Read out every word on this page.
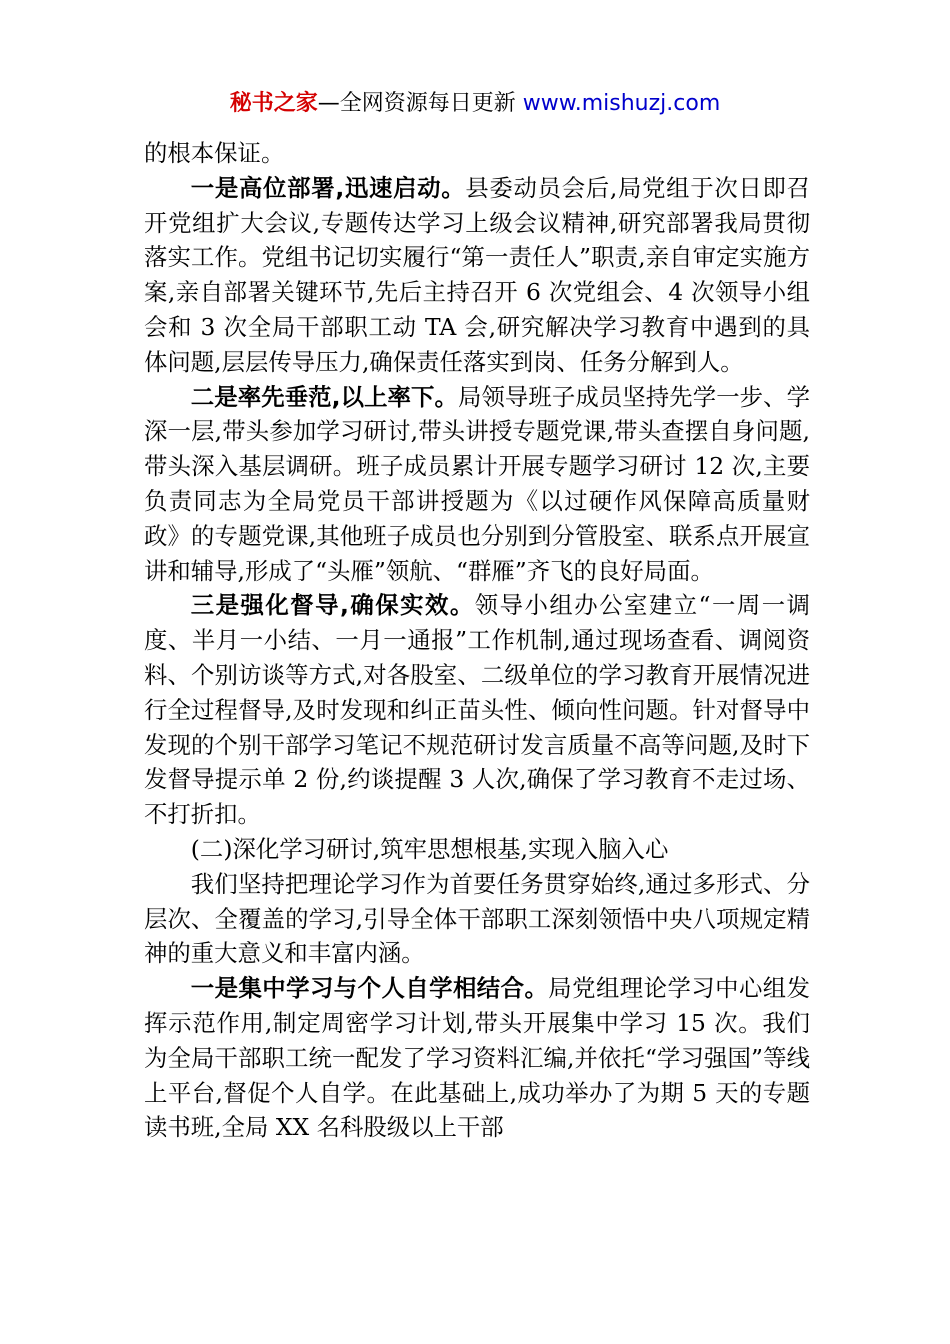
秘书之家—全网资源每日更新 www.mishuzj.com

的根本保证。

一是高位部署,迅速启动。县委动员会后,局党组于次日即召开党组扩大会议,专题传达学习上级会议精神,研究部署我局贯彻落实工作。党组书记切实履行“第一责任人”职责,亲自审定实施方案,亲自部署关键环节,先后主持召开 6 次党组会、4 次领导小组会和 3 次全局干部职工动 TA 会,研究解决学习教育中遇到的具体问题,层层传导压力,确保责任落实到岗、任务分解到人。

二是率先垂范,以上率下。局领导班子成员坚持先学一步、学深一层,带头参加学习研讨,带头讲授专题党课,带头查摆自身问题,带头深入基层调研。班子成员累计开展专题学习研讨 12 次,主要负责同志为全局党员干部讲授题为《以过硬作风保障高质量财政》的专题党课,其他班子成员也分别到分管股室、联系点开展宣讲和辅导,形成了“头雁”领航、“群雁”齐飞的良好局面。

三是强化督导,确保实效。领导小组办公室建立“一周一调度、半月一小结、一月一通报”工作机制,通过现场查看、调阅资料、个别访谈等方式,对各股室、二级单位的学习教育开展情况进行全过程督导,及时发现和纠正苗头性、倾向性问题。针对督导中发现的个别干部学习笔记不规范研讨发言质量不高等问题,及时下发督导提示单 2 份,约谈提醒 3 人次,确保了学习教育不走过场、不打折扣。

(二)深化学习研讨,筑牢思想根基,实现入脑入心

我们坚持把理论学习作为首要任务贯穿始终,通过多形式、分层次、全覆盖的学习,引导全体干部职工深刻领悟中央八项规定精神的重大意义和丰富内涵。

一是集中学习与个人自学相结合。局党组理论学习中心组发挥示范作用,制定周密学习计划,带头开展集中学习 15 次。我们为全局干部职工统一配发了学习资料汇编,并依托“学习强国”等线上平台,督促个人自学。在此基础上,成功举办了为期 5 天的专题读书班,全局 XX 名科股级以上干部
